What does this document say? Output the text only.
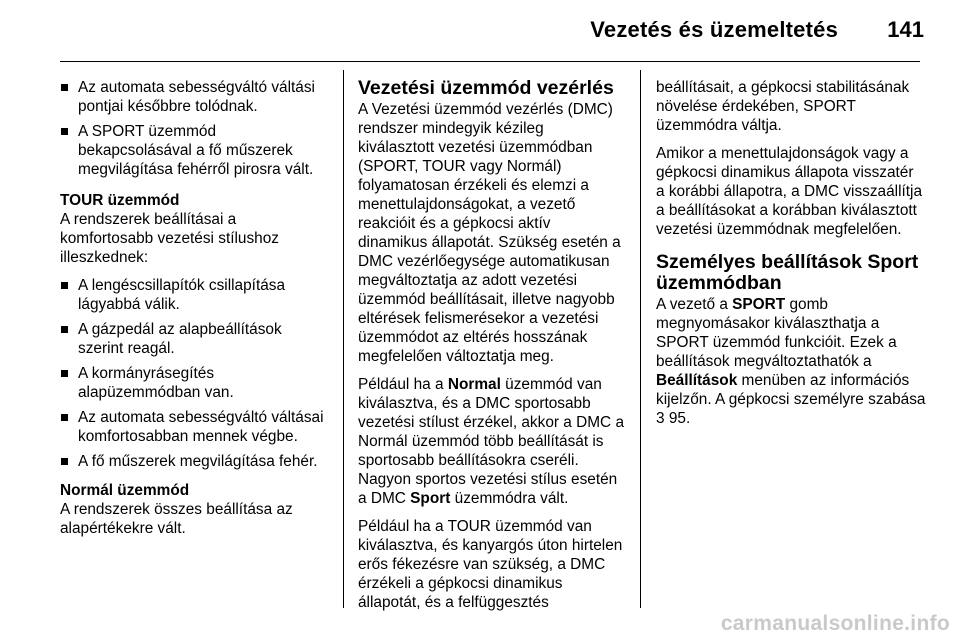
Vezetés és üzemeltetés 141
Az automata sebességváltó váltási pontjai későbbre tolódnak.
A SPORT üzemmód bekapcsolásával a fő műszerek megvilágítása fehérről pirosra vált.

TOUR üzemmód

A rendszerek beállításai a komfortosabb vezetési stílushoz illeszkednek:

A lengéscsillapítók csillapítása lágyabbá válik.
A gázpedál az alapbeállítások szerint reagál.
A kormányrásegítés alapüzemmódban van.
Az automata sebességváltó váltásai komfortosabban mennek végbe.
A fő műszerek megvilágítása fehér.

Normál üzemmód

A rendszerek összes beállítása az alapértékekre vált.

Vezetési üzemmód vezérlés

A Vezetési üzemmód vezérlés (DMC) rendszer mindegyik kézileg kiválasztott vezetési üzemmódban (SPORT, TOUR vagy Normál) folyamatosan érzékeli és elemzi a menettulajdonságokat, a vezető reakcióit és a gépkocsi aktív dinamikus állapotát. Szükség esetén a DMC vezérlőegysége automatikusan megváltoztatja az adott vezetési üzemmód beállításait, illetve nagyobb eltérések felismerésekor a vezetési üzemmódot az eltérés hosszának megfelelően változtatja meg.

Például ha a Normal üzemmód van kiválasztva, és a DMC sportosabb vezetési stílust érzékel, akkor a DMC a Normál üzemmód több beállítását is sportosabb beállításokra cseréli. Nagyon sportos vezetési stílus esetén a DMC Sport üzemmódra vált.

Például ha a TOUR üzemmód van kiválasztva, és kanyargós úton hirtelen erős fékezésre van szükség, a DMC érzékeli a gépkocsi dinamikus állapotát, és a felfüggesztés

beállításait, a gépkocsi stabilitásának növelése érdekében, SPORT üzemmódra váltja.

Amikor a menettulajdonságok vagy a gépkocsi dinamikus állapota visszatér a korábbi állapotra, a DMC visszaállítja a beállításokat a korábban kiválasztott vezetési üzemmódnak megfelelően.

Személyes beállítások Sport üzemmódban

A vezető a SPORT gomb megnyomásakor kiválaszthatja a SPORT üzemmód funkcióit. Ezek a beállítások megváltoztathatók a Beállítások menüben az információs kijelzőn. A gépkocsi személyre szabása 3 95.

carmanualsonline.info
